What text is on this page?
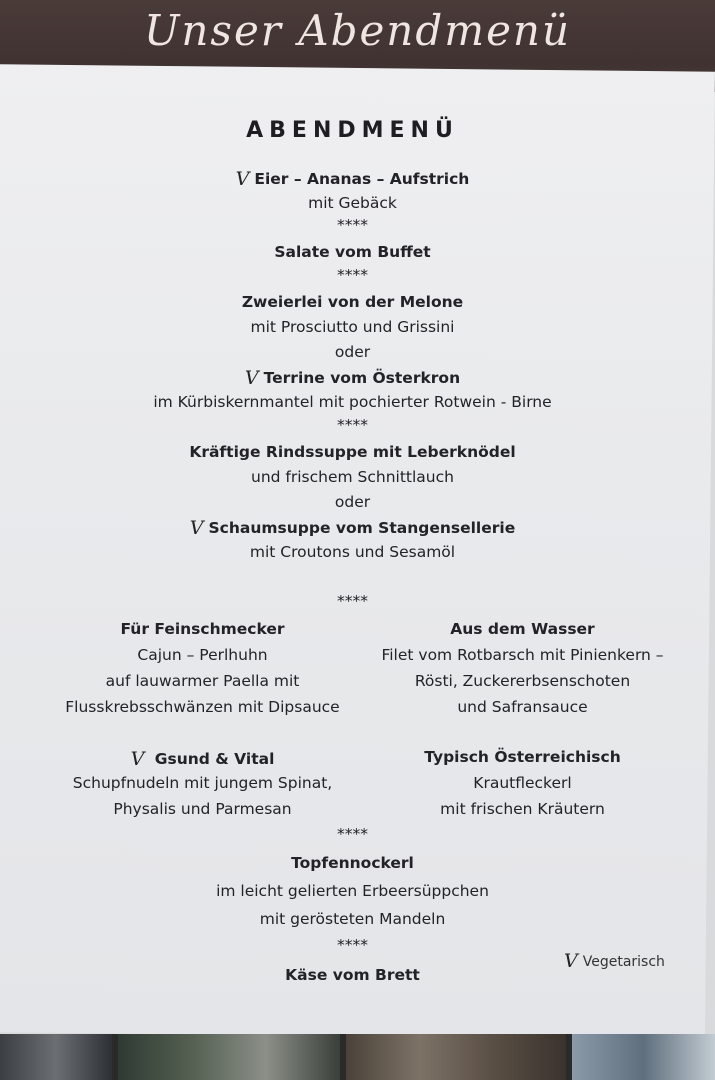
Unser Abendmenü
ABENDMENÜ
V Eier – Ananas – Aufstrich
mit Gebäck
****
Salate vom Buffet
****
Zweierlei von der Melone
mit Prosciutto und Grissini
oder
V Terrine vom Österkron
im Kürbiskernmantel mit pochierter Rotwein - Birne
****
Kräftige Rindssuppe mit Leberknödel
und frischem Schnittlauch
oder
V Schaumsuppe vom Stangensellerie
mit Croutons und Sesamöl
****
Für Feinschmecker
Cajun – Perlhuhn
auf lauwarmer Paella mit
Flusskrebsschwänzen mit Dipsauce
Aus dem Wasser
Filet vom Rotbarsch mit Pinienkern –
Rösti, Zuckererbsenschoten
und Safransauce
V Gsund & Vital
Schupfnudeln mit jungem Spinat,
Physalis und Parmesan
Typisch Österreichisch
Krautfleckerl
mit frischen Kräutern
****
Topfennockerl
im leicht gelierten Erbeersüppchen
mit gerösteten Mandeln
****
Käse vom Brett
V Vegetarisch
